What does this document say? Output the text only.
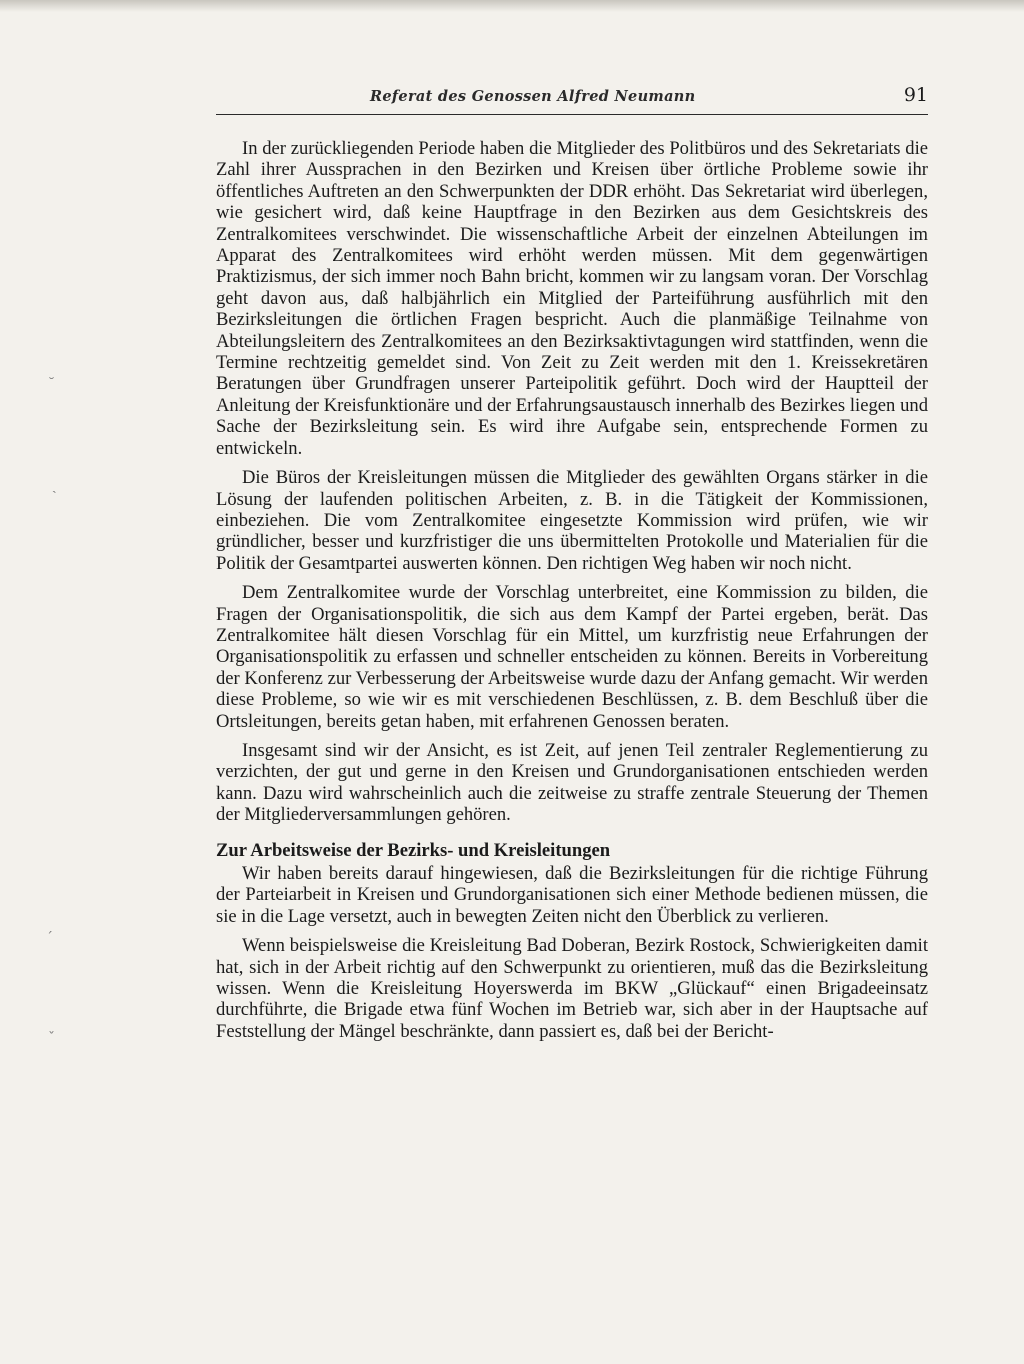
Referat des Genossen Alfred Neumann	91
˘
ˎ
ˊ
ˇ

In der zurückliegenden Periode haben die Mitglieder des Politbüros und des Sekretariats die Zahl ihrer Aussprachen in den Bezirken und Kreisen über örtliche Probleme sowie ihr öffentliches Auftreten an den Schwerpunkten der DDR erhöht. Das Sekretariat wird überlegen, wie gesichert wird, daß keine Hauptfrage in den Bezirken aus dem Gesichtskreis des Zentralkomitees verschwindet. Die wissenschaftliche Arbeit der einzelnen Abteilungen im Apparat des Zentralkomitees wird erhöht werden müssen. Mit dem gegenwärtigen Praktizismus, der sich immer noch Bahn bricht, kommen wir zu langsam voran. Der Vorschlag geht davon aus, daß halbjährlich ein Mitglied der Parteiführung ausführlich mit den Bezirksleitungen die örtlichen Fragen bespricht. Auch die planmäßige Teilnahme von Abteilungsleitern des Zentralkomitees an den Bezirksaktivtagungen wird stattfinden, wenn die Termine rechtzeitig gemeldet sind. Von Zeit zu Zeit werden mit den 1. Kreissekretären Beratungen über Grundfragen unserer Parteipolitik geführt. Doch wird der Hauptteil der Anleitung der Kreisfunktionäre und der Erfahrungsaustausch innerhalb des Bezirkes liegen und Sache der Bezirksleitung sein. Es wird ihre Aufgabe sein, entsprechende Formen zu entwickeln.

Die Büros der Kreisleitungen müssen die Mitglieder des gewählten Organs stärker in die Lösung der laufenden politischen Arbeiten, z. B. in die Tätigkeit der Kommissionen, einbeziehen. Die vom Zentralkomitee eingesetzte Kommission wird prüfen, wie wir gründlicher, besser und kurzfristiger die uns übermittelten Protokolle und Materialien für die Politik der Gesamtpartei auswerten können. Den richtigen Weg haben wir noch nicht.

Dem Zentralkomitee wurde der Vorschlag unterbreitet, eine Kommission zu bilden, die Fragen der Organisationspolitik, die sich aus dem Kampf der Partei ergeben, berät. Das Zentralkomitee hält diesen Vorschlag für ein Mittel, um kurzfristig neue Erfahrungen der Organisationspolitik zu erfassen und schneller entscheiden zu können. Bereits in Vorbereitung der Konferenz zur Verbesserung der Arbeitsweise wurde dazu der Anfang gemacht. Wir werden diese Probleme, so wie wir es mit verschiedenen Beschlüssen, z. B. dem Beschluß über die Ortsleitungen, bereits getan haben, mit erfahrenen Genossen beraten.

Insgesamt sind wir der Ansicht, es ist Zeit, auf jenen Teil zentraler Reglementierung zu verzichten, der gut und gerne in den Kreisen und Grundorganisationen entschieden werden kann. Dazu wird wahrscheinlich auch die zeitweise zu straffe zentrale Steuerung der Themen der Mitgliederversammlungen gehören.

Zur Arbeitsweise der Bezirks- und Kreisleitungen

Wir haben bereits darauf hingewiesen, daß die Bezirksleitungen für die richtige Führung der Parteiarbeit in Kreisen und Grundorganisationen sich einer Methode bedienen müssen, die sie in die Lage versetzt, auch in bewegten Zeiten nicht den Überblick zu verlieren.

Wenn beispielsweise die Kreisleitung Bad Doberan, Bezirk Rostock, Schwierigkeiten damit hat, sich in der Arbeit richtig auf den Schwerpunkt zu orientieren, muß das die Bezirksleitung wissen. Wenn die Kreisleitung Hoyerswerda im BKW „Glückauf“ einen Brigadeeinsatz durchführte, die Brigade etwa fünf Wochen im Betrieb war, sich aber in der Hauptsache auf Feststellung der Mängel beschränkte, dann passiert es, daß bei der Bericht-
